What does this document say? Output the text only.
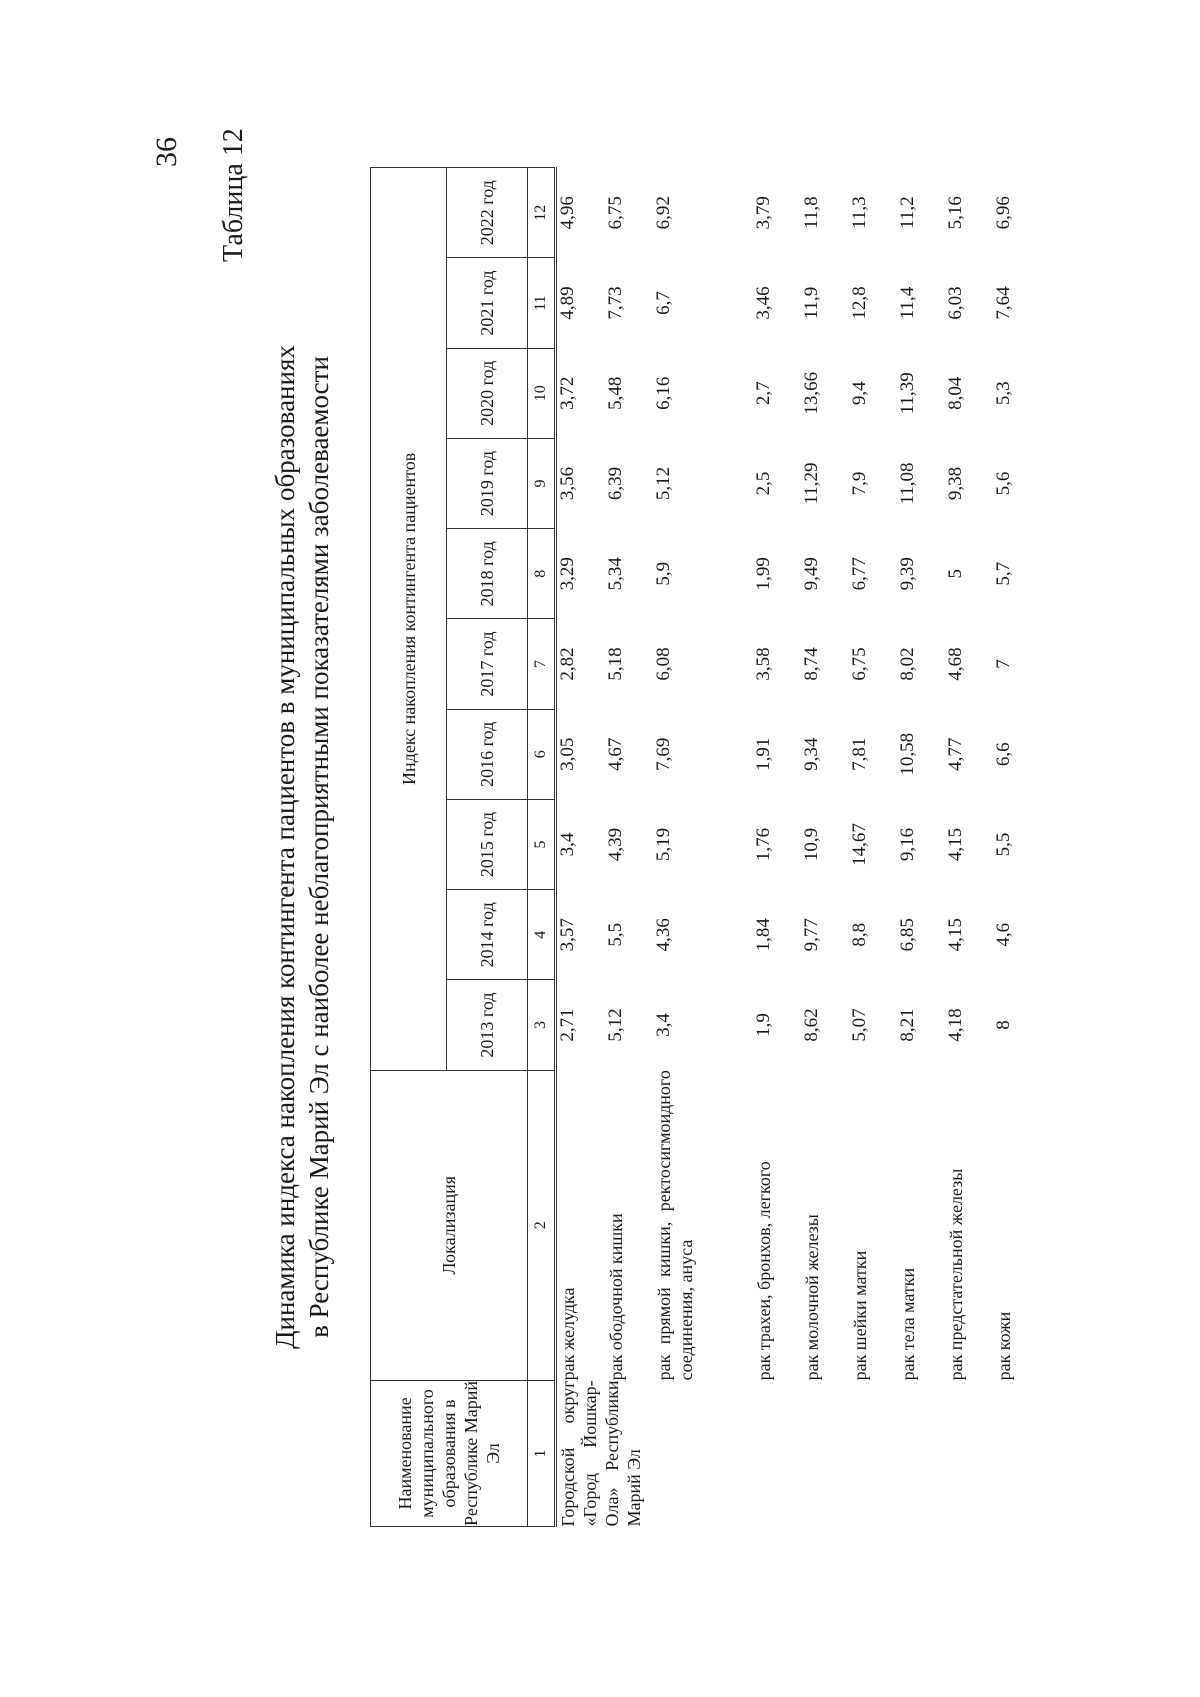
36 Таблица 12
Динамика индекса накопления контингента пациентов в муниципальных образованиях в Республике Марий Эл с наиболее неблагоприятными показателями заболеваемости
Наименование муниципального образования в Республике Марий Эл	Локализация	Индекс накопления контингента пациентов									
		2013 год	2014 год	2015 год	2016 год	2017 год	2018 год	2019 год	2020 год	2021 год	2022 год
1	2	3	4	5	6	7	8	9	10	11	12
Городской округ «Город Йошкар-Ола» Республики Марий Эл	рак желудка	2,71	3,57	3,4	3,05	2,82	3,29	3,56	3,72	4,89	4,96
	рак ободочной кишки	5,12	5,5	4,39	4,67	5,18	5,34	6,39	5,48	7,73	6,75
	рак прямой кишки, ректосигмоидного соединения, ануса	3,4	4,36	5,19	7,69	6,08	5,9	5,12	6,16	6,7	6,92
	рак трахеи, бронхов, легкого	1,9	1,84	1,76	1,91	3,58	1,99	2,5	2,7	3,46	3,79
	рак молочной железы	8,62	9,77	10,9	9,34	8,74	9,49	11,29	13,66	11,9	11,8
	рак шейки матки	5,07	8,8	14,67	7,81	6,75	6,77	7,9	9,4	12,8	11,3
	рак тела матки	8,21	6,85	9,16	10,58	8,02	9,39	11,08	11,39	11,4	11,2
	рак предстательной железы	4,18	4,15	4,15	4,77	4,68	5	9,38	8,04	6,03	5,16
	рак кожи	8	4,6	5,5	6,6	7	5,7	5,6	5,3	7,64	6,96
